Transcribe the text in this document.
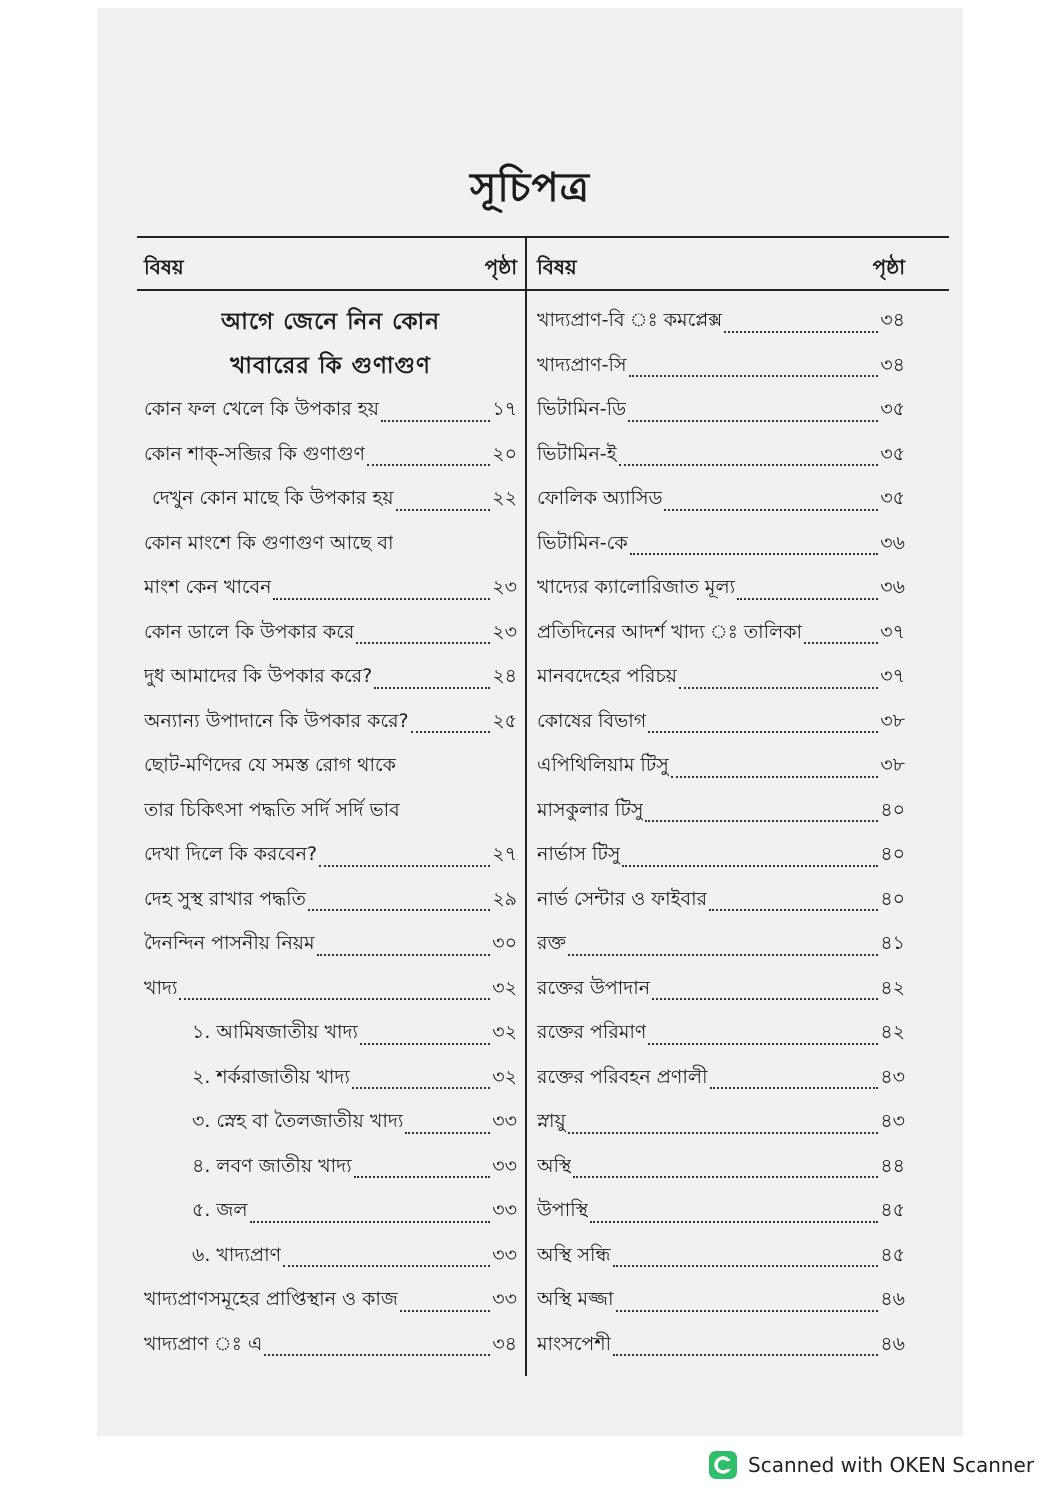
সূচিপত্র
বিষয়	পৃষ্ঠা
আগে জেনে নিন কোন
খাবারের কি গুণাগুণ
কোন ফল খেলে কি উপকার হয়	১৭
কোন শাক্-সব্জির কি গুণাগুণ	২০
দেখুন কোন মাছে কি উপকার হয়	২২
কোন মাংশে কি গুণাগুণ আছে বা
মাংশ কেন খাবেন	২৩
কোন ডালে কি উপকার করে	২৩
দুধ আমাদের কি উপকার করে?	২৪
অন্যান্য উপাদানে কি উপকার করে?	২৫
ছোট-মণিদের যে সমস্ত রোগ থাকে
তার চিকিৎসা পদ্ধতি সর্দি সর্দি ভাব
দেখা দিলে কি করবেন?	২৭
দেহ সুস্থ রাখার পদ্ধতি	২৯
দৈনন্দিন পাসনীয় নিয়ম	৩০
খাদ্য	৩২
১. আমিষজাতীয় খাদ্য	৩২
২. শর্করাজাতীয় খাদ্য	৩২
৩. স্নেহ বা তৈলজাতীয় খাদ্য	৩৩
৪. লবণ জাতীয় খাদ্য	৩৩
৫. জল	৩৩
৬. খাদ্যপ্রাণ	৩৩
খাদ্যপ্রাণসমূহের প্রাপ্তিস্থান ও কাজ	৩৩
খাদ্যপ্রাণ ঃ এ	৩৪
বিষয়	পৃষ্ঠা
খাদ্যপ্রাণ-বি ঃ কমপ্লেক্স	৩৪
খাদ্যপ্রাণ-সি	৩৪
ভিটামিন-ডি	৩৫
ভিটামিন-ই	৩৫
ফোলিক অ্যাসিড	৩৫
ভিটামিন-কে	৩৬
খাদ্যের ক্যালোরিজাত মূল্য	৩৬
প্রতিদিনের আদর্শ খাদ্য ঃ তালিকা	৩৭
মানবদেহের পরিচয়	৩৭
কোষের বিভাগ	৩৮
এপিথিলিয়াম টিসু	৩৮
মাসকুলার টিসু	৪০
নার্ভাস টিসু	৪০
নার্ভ সেন্টার ও ফাইবার	৪০
রক্ত	৪১
রক্তের উপাদান	৪২
রক্তের পরিমাণ	৪২
রক্তের পরিবহন প্রণালী	৪৩
স্নায়ু	৪৩
অস্থি	৪৪
উপাস্থি	৪৫
অস্থি সন্ধি	৪৫
অস্থি মজ্জা	৪৬
মাংসপেশী	৪৬
Scanned with OKEN Scanner
